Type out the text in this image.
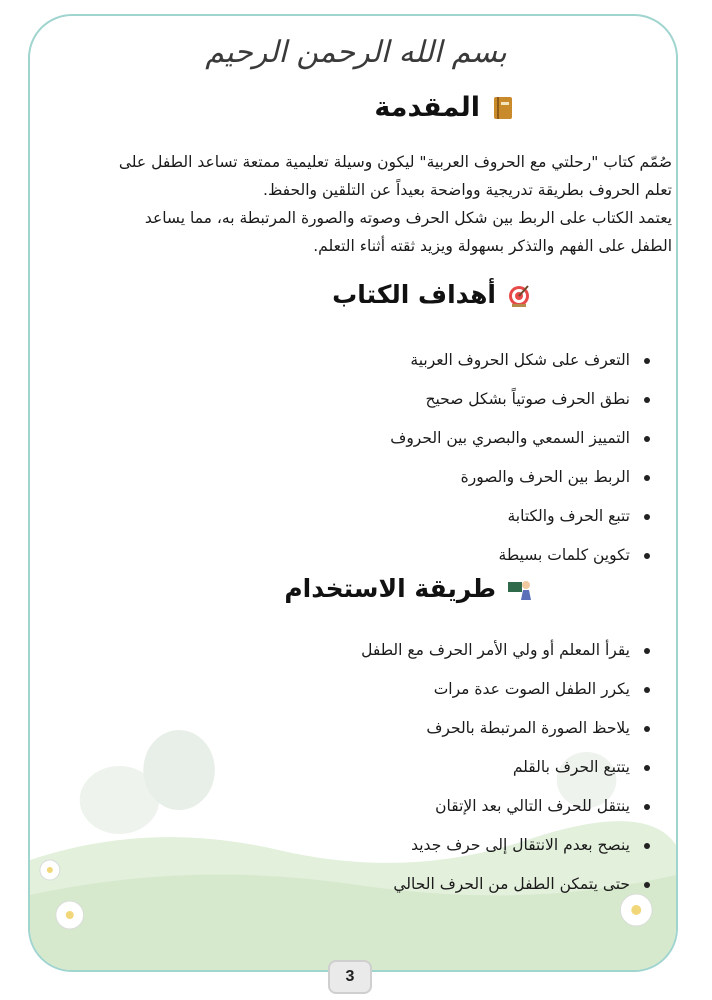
بسم الله الرحمن الرحيم
المقدمة

صُمّم كتاب "رحلتي مع الحروف العربية" ليكون وسيلة تعليمية ممتعة تساعد الطفل على تعلم الحروف بطريقة تدريجية وواضحة بعيداً عن التلقين والحفظ.

يعتمد الكتاب على الربط بين شكل الحرف وصوته والصورة المرتبطة به، مما يساعد الطفل على الفهم والتذكر بسهولة ويزيد ثقته أثناء التعلم.

أهداف الكتاب
التعرف على شكل الحروف العربية
نطق الحرف صوتياً بشكل صحيح
التمييز السمعي والبصري بين الحروف
الربط بين الحرف والصورة
تتبع الحرف والكتابة
تكوين كلمات بسيطة
طريقة الاستخدام
يقرأ المعلم أو ولي الأمر الحرف مع الطفل
يكرر الطفل الصوت عدة مرات
يلاحظ الصورة المرتبطة بالحرف
يتتبع الحرف بالقلم
ينتقل للحرف التالي بعد الإتقان
ينصح بعدم الانتقال إلى حرف جديد
حتى يتمكن الطفل من الحرف الحالي
3
